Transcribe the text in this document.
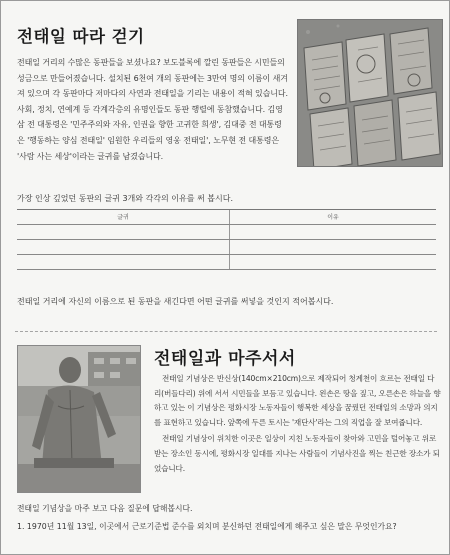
전태일 따라 걷기
전태일 거리의 수많은 동판들을 보셨나요? 보도블록에 깔린 동판들은 시민들의 성금으로 만들어졌습니다. 설치된 6천여 개의 동판에는 3만여 명의 이름이 새겨져 있으며 각 동판마다 저마다의 사연과 전태일을 기리는 내용이 적혀 있습니다. 사회, 정치, 연예계 등 각계각층의 유명인들도 동판 행렬에 동참했습니다. 김영삼 전 대통령은 '민주주의와 자유, 인권을 향한 고귀한 희생', 김대중 전 대통령은 '행동하는 양심 전태일' 임원한 우리들의 영웅 전태일', 노무현 전 대통령은 '사람 사는 세상'이라는 글귀를 남겼습니다.

가장 인상 깊었던 동판의 글귀 3개와 각각의 이유를 써 봅시다.

글귀	이유

전태일 거리에 자신의 이름으로 된 동판을 새긴다면 어떤 글귀를 써넣을 것인지 적어봅시다.

전태일과 마주서서

전태일 기념상은 반신상(140cm×210cm)으로 제작되어 청계천이 흐르는 전태일 다리(버들다리) 위에 서서 시민들을 보듬고 있습니다. 왼손은 땅을 짚고, 오른손은 하늘을 향하고 있는 이 기념상은 평화시장 노동자들이 행복한 세상을 꿈꿨던 전태일의 소망과 의지를 표현하고 있습니다. 앞쪽에 두른 토시는 '재단사'라는 그의 직업을 잘 보여줍니다.

전태일 기념상이 위치한 이곳은 일상이 지친 노동자들이 찾아와 고민을 털어놓고 위로받는 장소인 동시에, 평화시장 일대를 지나는 사람들이 기념사진을 찍는 친근한 장소가 되었습니다.

전태일 기념상을 마주 보고 다음 질문에 답해봅시다.

1. 1970년 11월 13일, 이곳에서 근로기준법 준수를 외치며 분신하던 전태일에게 해주고 싶은 말은 무엇인가요?
